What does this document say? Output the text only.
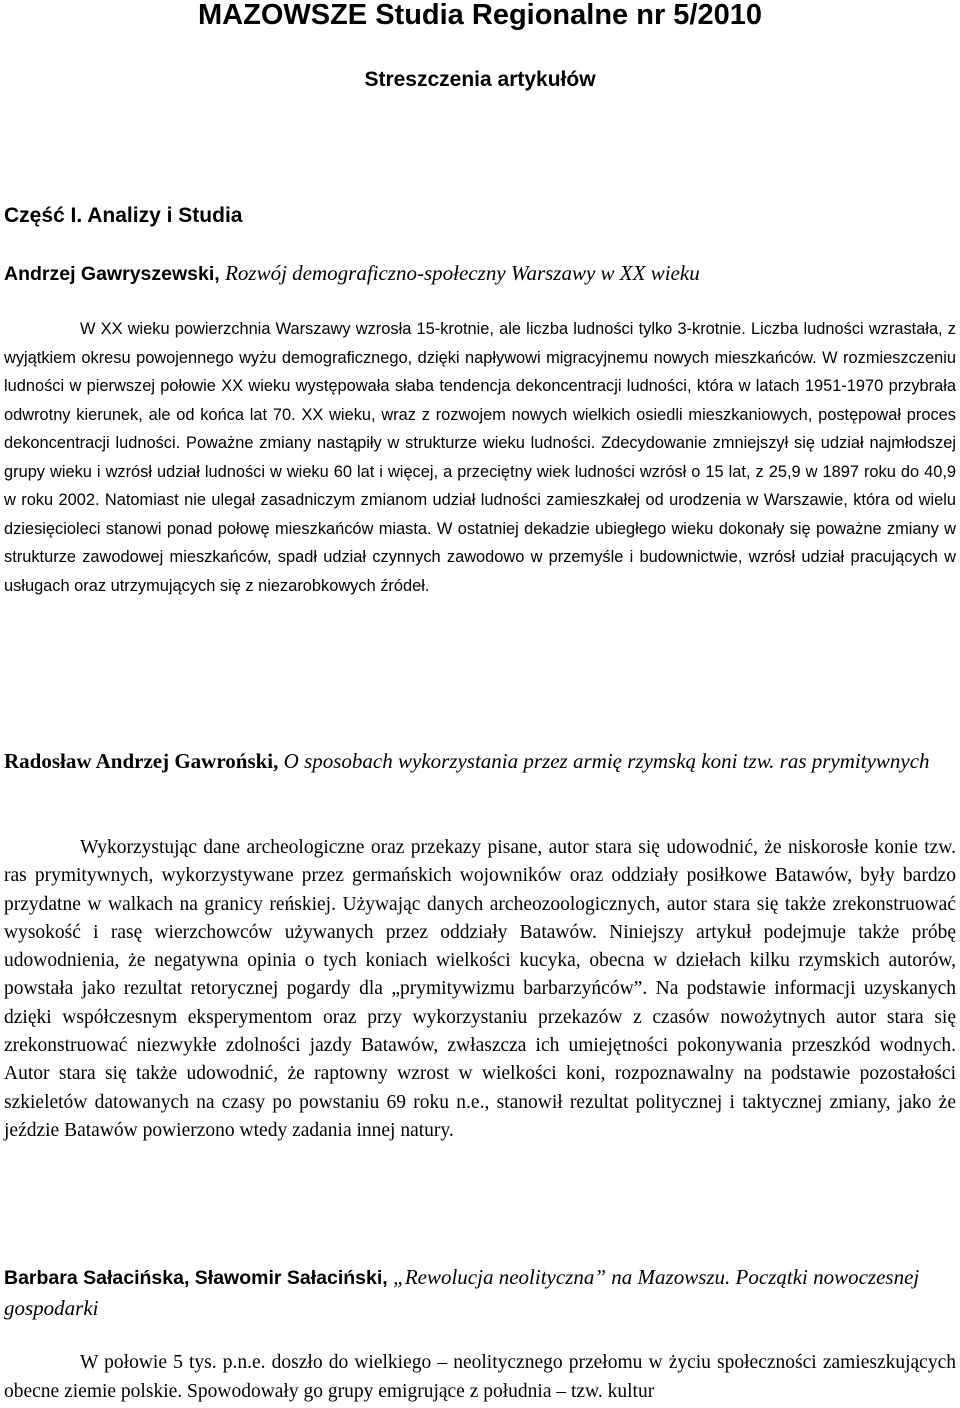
MAZOWSZE Studia Regionalne nr 5/2010
Streszczenia artykułów
Część I. Analizy i Studia
Andrzej Gawryszewski, Rozwój demograficzno-społeczny Warszawy w XX wieku

W XX wieku powierzchnia Warszawy wzrosła 15-krotnie, ale liczba ludności tylko 3-krotnie. Liczba ludności wzrastała, z wyjątkiem okresu powojennego wyżu demograficznego, dzięki napływowi migracyjnemu nowych mieszkańców. W rozmieszczeniu ludności w pierwszej połowie XX wieku występowała słaba tendencja dekoncentracji ludności, która w latach 1951-1970 przybrała odwrotny kierunek, ale od końca lat 70. XX wieku, wraz z rozwojem nowych wielkich osiedli mieszkaniowych, postępował proces dekoncentracji ludności. Poważne zmiany nastąpiły w strukturze wieku ludności. Zdecydowanie zmniejszył się udział najmłodszej grupy wieku i wzrósł udział ludności w wieku 60 lat i więcej, a przeciętny wiek ludności wzrósł o 15 lat, z 25,9 w 1897 roku do 40,9 w roku 2002. Natomiast nie ulegał zasadniczym zmianom udział ludności zamieszkałej od urodzenia w Warszawie, która od wielu dziesięcioleci stanowi ponad połowę mieszkańców miasta. W ostatniej dekadzie ubiegłego wieku dokonały się poważne zmiany w strukturze zawodowej mieszkańców, spadł udział czynnych zawodowo w przemyśle i budownictwie, wzrósł udział pracujących w usługach oraz utrzymujących się z niezarobkowych źródeł.

Radosław Andrzej Gawroński, O sposobach wykorzystania przez armię rzymską koni tzw. ras prymitywnych

Wykorzystując dane archeologiczne oraz przekazy pisane, autor stara się udowodnić, że niskorosłe konie tzw. ras prymitywnych, wykorzystywane przez germańskich wojowników oraz oddziały posiłkowe Batawów, były bardzo przydatne w walkach na granicy reńskiej. Używając danych archeozoologicznych, autor stara się także zrekonstruować wysokość i rasę wierzchowców używanych przez oddziały Batawów. Niniejszy artykuł podejmuje także próbę udowodnienia, że negatywna opinia o tych koniach wielkości kucyka, obecna w dziełach kilku rzymskich autorów, powstała jako rezultat retorycznej pogardy dla „prymitywizmu barbarzyńców”. Na podstawie informacji uzyskanych dzięki współczesnym eksperymentom oraz przy wykorzystaniu przekazów z czasów nowożytnych autor stara się zrekonstruować niezwykłe zdolności jazdy Batawów, zwłaszcza ich umiejętności pokonywania przeszkód wodnych. Autor stara się także udowodnić, że raptowny wzrost w wielkości koni, rozpoznawalny na podstawie pozostałości szkieletów datowanych na czasy po powstaniu 69 roku n.e., stanowił rezultat politycznej i taktycznej zmiany, jako że jeździe Batawów powierzono wtedy zadania innej natury.

Barbara Sałacińska, Sławomir Sałaciński, „Rewolucja neolityczna” na Mazowszu. Początki nowoczesnej gospodarki

W połowie 5 tys. p.n.e. doszło do wielkiego – neolitycznego przełomu w życiu społeczności zamieszkujących obecne ziemie polskie. Spowodowały go grupy emigrujące z południa – tzw. kultur
